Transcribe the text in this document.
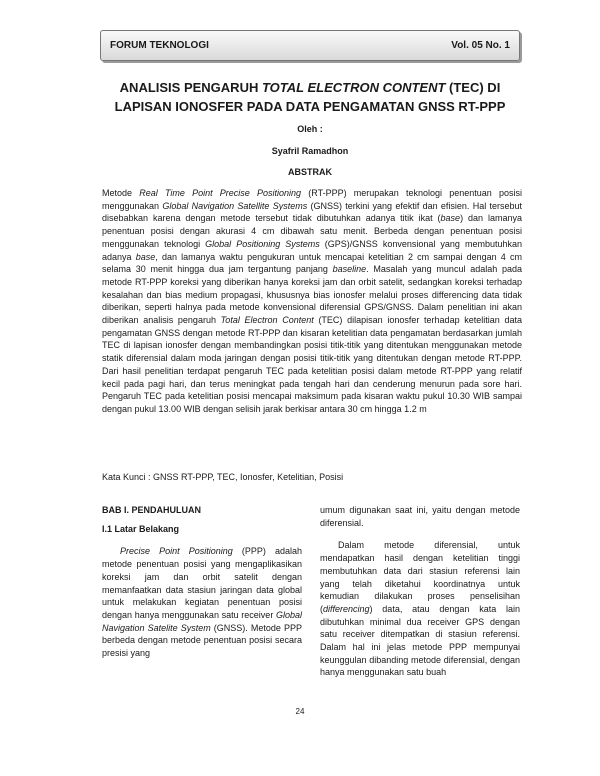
FORUM TEKNOLOGI	Vol. 05 No. 1
ANALISIS PENGARUH TOTAL ELECTRON CONTENT (TEC) DI LAPISAN IONOSFER PADA DATA PENGAMATAN GNSS RT-PPP
Oleh :
Syafril Ramadhon
ABSTRAK

Metode Real Time Point Precise Positioning (RT-PPP) merupakan teknologi penentuan posisi menggunakan Global Navigation Satellite Systems (GNSS) terkini yang efektif dan efisien. Hal tersebut disebabkan karena dengan metode tersebut tidak dibutuhkan adanya titik ikat (base) dan lamanya penentuan posisi dengan akurasi 4 cm dibawah satu menit. Berbeda dengan penentuan posisi menggunakan teknologi Global Positioning Systems (GPS)/GNSS konvensional yang membutuhkan adanya base, dan lamanya waktu pengukuran untuk mencapai ketelitian 2 cm sampai dengan 4 cm selama 30 menit hingga dua jam tergantung panjang baseline. Masalah yang muncul adalah pada metode RT-PPP koreksi yang diberikan hanya koreksi jam dan orbit satelit, sedangkan koreksi terhadap kesalahan dan bias medium propagasi, khususnya bias ionosfer melalui proses differencing data tidak diberikan, seperti halnya pada metode konvensional diferensial GPS/GNSS. Dalam penelitian ini akan diberikan analisis pengaruh Total Electron Content (TEC) dilapisan ionosfer terhadap ketelitian data pengamatan GNSS dengan metode RT-PPP dan kisaran ketelitian data pengamatan berdasarkan jumlah TEC di lapisan ionosfer dengan membandingkan posisi titik-titik yang ditentukan menggunakan metode statik diferensial dalam moda jaringan dengan posisi titik-titik yang ditentukan dengan metode RT-PPP. Dari hasil penelitian terdapat pengaruh TEC pada ketelitian posisi dalam metode RT-PPP yang relatif kecil pada pagi hari, dan terus meningkat pada tengah hari dan cenderung menurun pada sore hari. Pengaruh TEC pada ketelitian posisi mencapai maksimum pada kisaran waktu pukul 10.30 WIB sampai dengan pukul 13.00 WIB dengan selisih jarak berkisar antara 30 cm hingga 1.2 m

Kata Kunci : GNSS RT-PPP, TEC, Ionosfer, Ketelitian, Posisi

BAB I. PENDAHULUAN
I.1 Latar Belakang

Precise Point Positioning (PPP) adalah metode penentuan posisi yang mengaplikasikan koreksi jam dan orbit satelit dengan memanfaatkan data stasiun jaringan data global untuk melakukan kegiatan penentuan posisi dengan hanya menggunakan satu receiver Global Navigation Satelite System (GNSS). Metode PPP berbeda dengan metode penentuan posisi secara presisi yang

umum digunakan saat ini, yaitu dengan metode diferensial.

Dalam metode diferensial, untuk mendapatkan hasil dengan ketelitian tinggi membutuhkan data dari stasiun referensi lain yang telah diketahui koordinatnya untuk kemudian dilakukan proses penselisihan (differencing) data, atau dengan kata lain dibutuhkan minimal dua receiver GPS dengan satu receiver ditempatkan di stasiun referensi. Dalam hal ini jelas metode PPP mempunyai keunggulan dibanding metode diferensial, dengan hanya menggunakan satu buah

24
